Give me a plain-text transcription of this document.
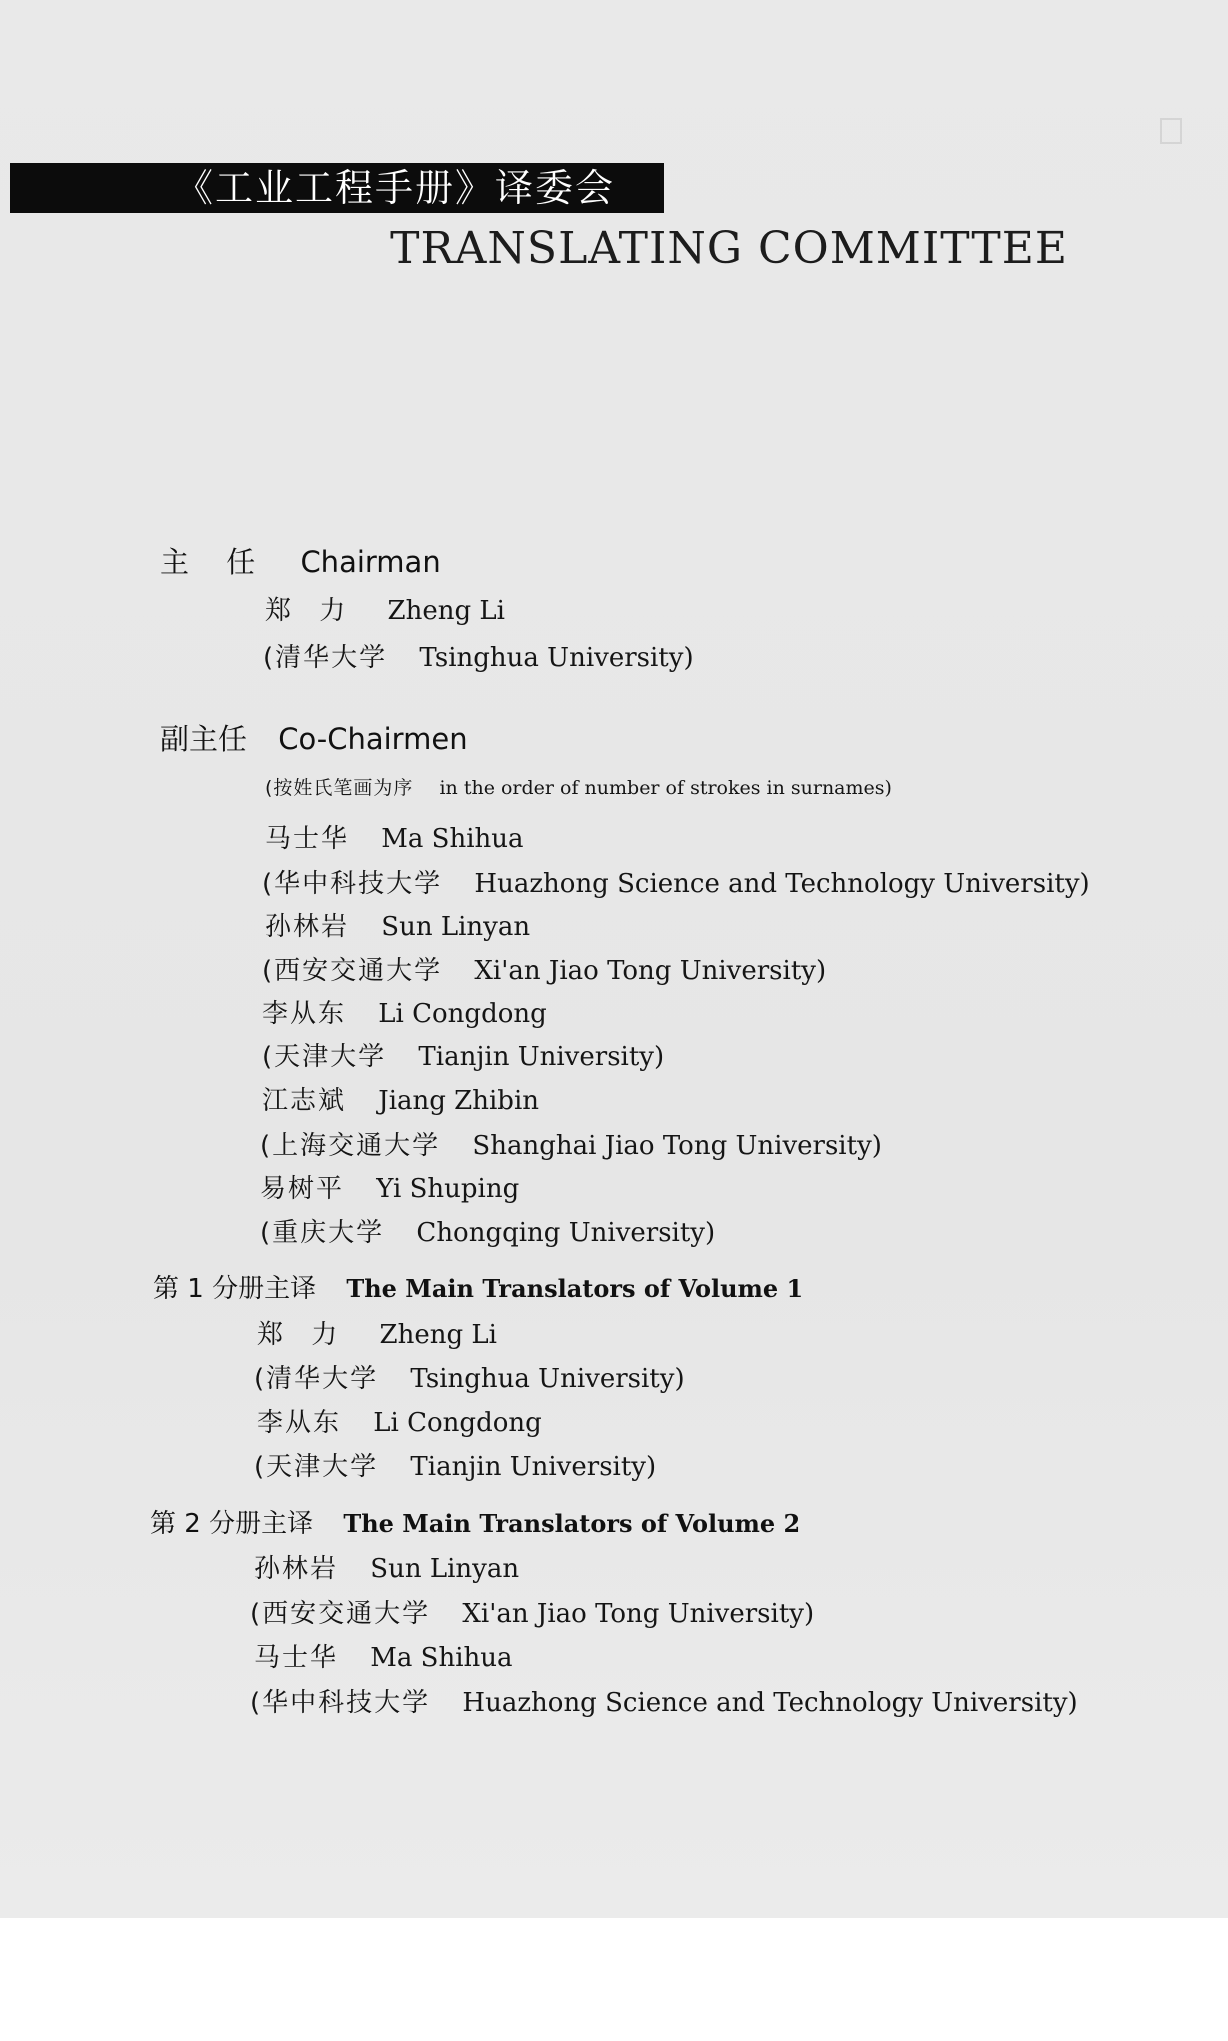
《工业工程手册》译委会
TRANSLATING COMMITTEE
主 任 Chairman
郑 力 Zheng Li
(清华大学 Tsinghua University)
副主任 Co-Chairmen
(按姓氏笔画为序 in the order of number of strokes in surnames)
马士华 Ma Shihua
(华中科技大学 Huazhong Science and Technology University)
孙林岩 Sun Linyan
(西安交通大学 Xi'an Jiao Tong University)
李从东 Li Congdong
(天津大学 Tianjin University)
江志斌 Jiang Zhibin
(上海交通大学 Shanghai Jiao Tong University)
易树平 Yi Shuping
(重庆大学 Chongqing University)
第 1 分册主译 The Main Translators of Volume 1
郑 力 Zheng Li
(清华大学 Tsinghua University)
李从东 Li Congdong
(天津大学 Tianjin University)
第 2 分册主译 The Main Translators of Volume 2
孙林岩 Sun Linyan
(西安交通大学 Xi'an Jiao Tong University)
马士华 Ma Shihua
(华中科技大学 Huazhong Science and Technology University)
